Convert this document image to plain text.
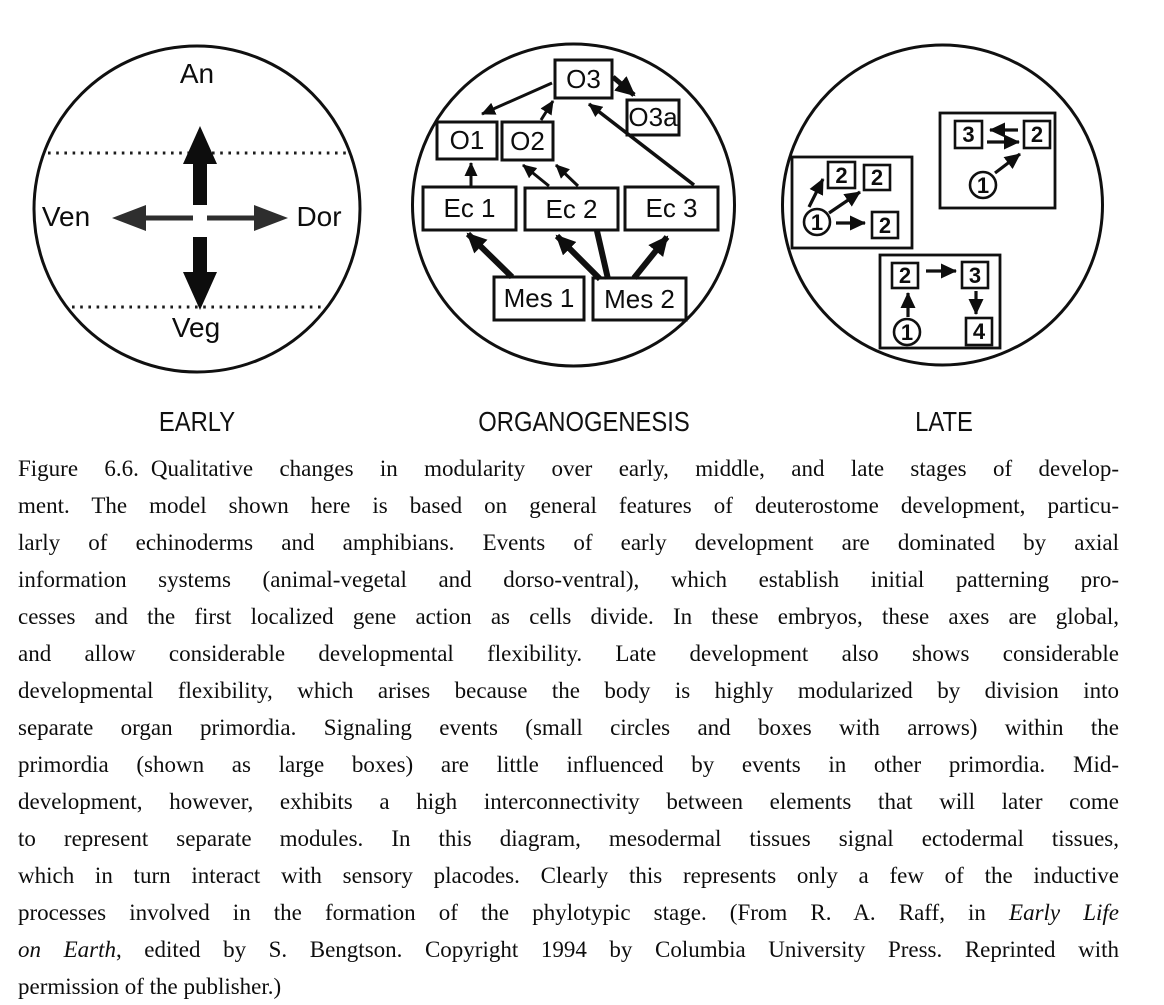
An
Ven	Dor
Veg
O3
O3a
O1 O2
Ec 1 Ec 2 Ec 3
Mes 1 Mes 2
3	2
1
2 2
2
1
2	3
4
1
EARLY	ORGANOGENESIS	LATE
Figure 6.6. Qualitative changes in modularity over early, middle, and late stages of develop-
ment. The model shown here is based on general features of deuterostome development, particu-
larly of echinoderms and amphibians. Events of early development are dominated by axial
information systems (animal-vegetal and dorso-ventral), which establish initial patterning pro-
cesses and the first localized gene action as cells divide. In these embryos, these axes are global,
and allow considerable developmental flexibility. Late development also shows considerable
developmental flexibility, which arises because the body is highly modularized by division into
separate organ primordia. Signaling events (small circles and boxes with arrows) within the
primordia (shown as large boxes) are little influenced by events in other primordia. Mid-
development, however, exhibits a high interconnectivity between elements that will later come
to represent separate modules. In this diagram, mesodermal tissues signal ectodermal tissues,
which in turn interact with sensory placodes. Clearly this represents only a few of the inductive
processes involved in the formation of the phylotypic stage. (From R. A. Raff, in Early Life
on Earth, edited by S. Bengtson. Copyright 1994 by Columbia University Press. Reprinted with
permission of the publisher.)
